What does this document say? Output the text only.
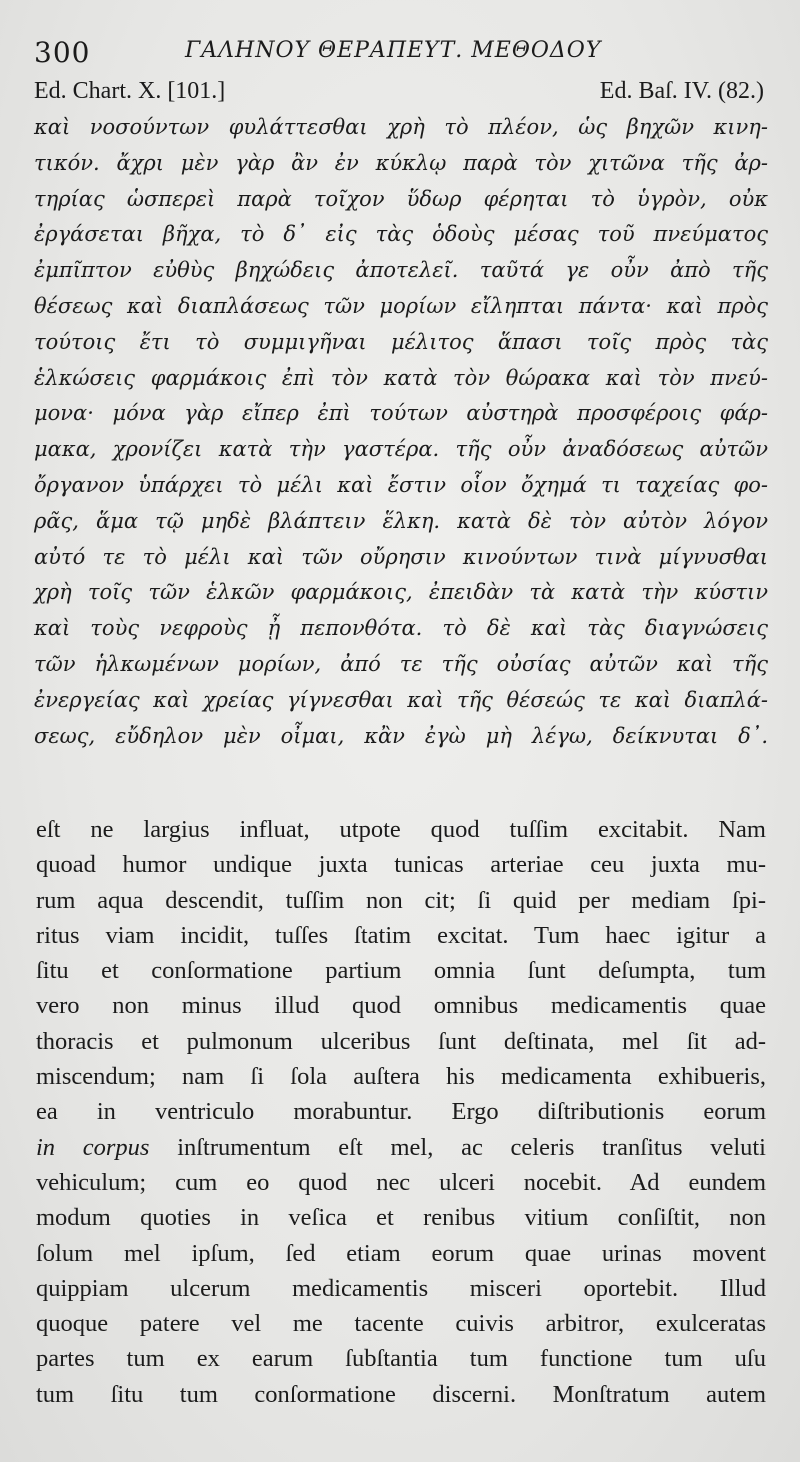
300	ΓΑΛΗΝΟΥ ΘΕΡΑΠΕΥΤ. ΜΕΘΟΔΟΥ
Ed. Chart. X. [101.]	Ed. Baſ. IV. (82.)
καὶ νοσούντων φυλάττεσθαι χρὴ τὸ πλέον, ὡς βηχῶν κινη-
τικόν. ἄχρι μὲν γὰρ ἂν ἐν κύκλῳ παρὰ τὸν χιτῶνα τῆς ἀρ-
τηρίας ὡσπερεὶ παρὰ τοῖχον ὕδωρ φέρηται τὸ ὑγρὸν, οὐκ
ἐργάσεται βῆχα, τὸ δ᾽ εἰς τὰς ὁδοὺς μέσας τοῦ πνεύματος
ἐμπῖπτον εὐθὺς βηχώδεις ἀποτελεῖ. ταῦτά γε οὖν ἀπὸ τῆς
θέσεως καὶ διαπλάσεως τῶν μορίων εἴληπται πάντα· καὶ πρὸς
τούτοις ἔτι τὸ συμμιγῆναι μέλιτος ἅπασι τοῖς πρὸς τὰς
ἑλκώσεις φαρμάκοις ἐπὶ τὸν κατὰ τὸν θώρακα καὶ τὸν πνεύ-
μονα· μόνα γὰρ εἴπερ ἐπὶ τούτων αὐστηρὰ προσφέροις φάρ-
μακα, χρονίζει κατὰ τὴν γαστέρα. τῆς οὖν ἀναδόσεως αὐτῶν
ὄργανον ὑπάρχει τὸ μέλι καὶ ἔστιν οἷον ὄχημά τι ταχείας φο-
ρᾶς, ἅμα τῷ μηδὲ βλάπτειν ἕλκη. κατὰ δὲ τὸν αὐτὸν λόγον
αὐτό τε τὸ μέλι καὶ τῶν οὔρησιν κινούντων τινὰ μίγνυσθαι
χρὴ τοῖς τῶν ἑλκῶν φαρμάκοις, ἐπειδὰν τὰ κατὰ τὴν κύστιν
καὶ τοὺς νεφροὺς ᾖ πεπονθότα. τὸ δὲ καὶ τὰς διαγνώσεις
τῶν ἡλκωμένων μορίων, ἀπό τε τῆς οὐσίας αὐτῶν καὶ τῆς
ἐνεργείας καὶ χρείας γίγνεσθαι καὶ τῆς θέσεώς τε καὶ διαπλά-
σεως, εὔδηλον μὲν οἶμαι, κἂν ἐγὼ μὴ λέγω, δείκνυται δ᾽.
eſt ne largius influat, utpote quod tuſſim excitabit. Nam
quoad humor undique juxta tunicas arteriae ceu juxta mu-
rum aqua descendit, tuſſim non cit; ſi quid per mediam ſpi-
ritus viam incidit, tuſſes ſtatim excitat. Tum haec igitur a
ſitu et conſormatione partium omnia ſunt deſumpta, tum
vero non minus illud quod omnibus medicamentis quae
thoracis et pulmonum ulceribus ſunt deſtinata, mel ſit ad-
miscendum; nam ſi ſola auſtera his medicamenta exhibueris,
ea in ventriculo morabuntur. Ergo diſtributionis eorum
in corpus inſtrumentum eſt mel, ac celeris tranſitus veluti
vehiculum; cum eo quod nec ulceri nocebit. Ad eundem
modum quoties in veſica et renibus vitium conſiſtit, non
ſolum mel ipſum, ſed etiam eorum quae urinas movent
quippiam ulcerum medicamentis misceri oportebit. Illud
quoque patere vel me tacente cuivis arbitror, exulceratas
partes tum ex earum ſubſtantia tum functione tum uſu
tum ſitu tum conſormatione discerni. Monſtratum autem
